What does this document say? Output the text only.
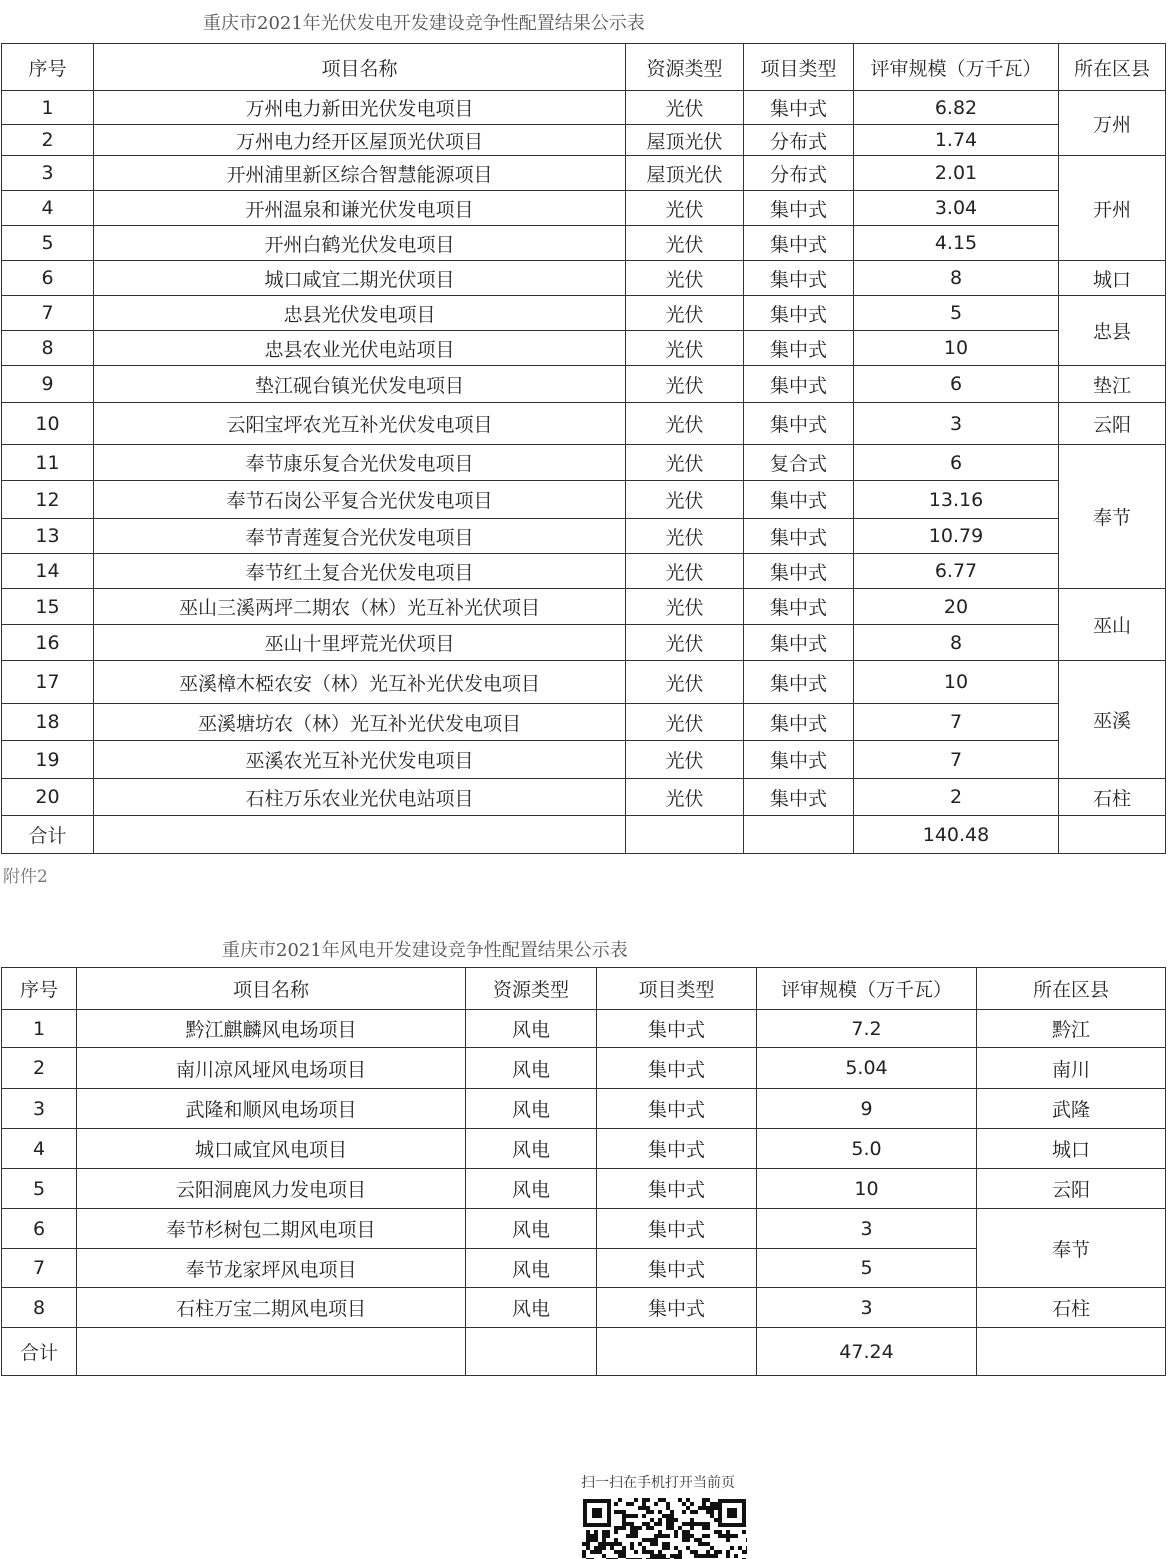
重庆市2021年光伏发电开发建设竞争性配置结果公示表
序号	项目名称	资源类型	项目类型	评审规模（万千瓦）	所在区县
1	万州电力新田光伏发电项目	光伏	集中式	6.82	万州
2	万州电力经开区屋顶光伏项目	屋顶光伏	分布式	1.74	
3	开州浦里新区综合智慧能源项目	屋顶光伏	分布式	2.01	开州
4	开州温泉和谦光伏发电项目	光伏	集中式	3.04	
5	开州白鹤光伏发电项目	光伏	集中式	4.15	
6	城口咸宜二期光伏项目	光伏	集中式	8	城口
7	忠县光伏发电项目	光伏	集中式	5	忠县
8	忠县农业光伏电站项目	光伏	集中式	10	
9	垫江砚台镇光伏发电项目	光伏	集中式	6	垫江
10	云阳宝坪农光互补光伏发电项目	光伏	集中式	3	云阳
11	奉节康乐复合光伏发电项目	光伏	复合式	6	奉节
12	奉节石岗公平复合光伏发电项目	光伏	集中式	13.16	
13	奉节青莲复合光伏发电项目	光伏	集中式	10.79	
14	奉节红土复合光伏发电项目	光伏	集中式	6.77	
15	巫山三溪两坪二期农（林）光互补光伏项目	光伏	集中式	20	巫山
16	巫山十里坪荒光伏项目	光伏	集中式	8	
17	巫溪樟木椏农安（林）光互补光伏发电项目	光伏	集中式	10	巫溪
18	巫溪塘坊农（林）光互补光伏发电项目	光伏	集中式	7	
19	巫溪农光互补光伏发电项目	光伏	集中式	7	
20	石柱万乐农业光伏电站项目	光伏	集中式	2	石柱
合计				140.48	
附件2
重庆市2021年风电开发建设竞争性配置结果公示表
序号	项目名称	资源类型	项目类型	评审规模（万千瓦）	所在区县
1	黔江麒麟风电场项目	风电	集中式	7.2	黔江
2	南川凉风垭风电场项目	风电	集中式	5.04	南川
3	武隆和顺风电场项目	风电	集中式	9	武隆
4	城口咸宜风电项目	风电	集中式	5.0	城口
5	云阳洞鹿风力发电项目	风电	集中式	10	云阳
6	奉节杉树包二期风电项目	风电	集中式	3	奉节
7	奉节龙家坪风电项目	风电	集中式	5	
8	石柱万宝二期风电项目	风电	集中式	3	石柱
合计				47.24	
扫一扫在手机打开当前页
